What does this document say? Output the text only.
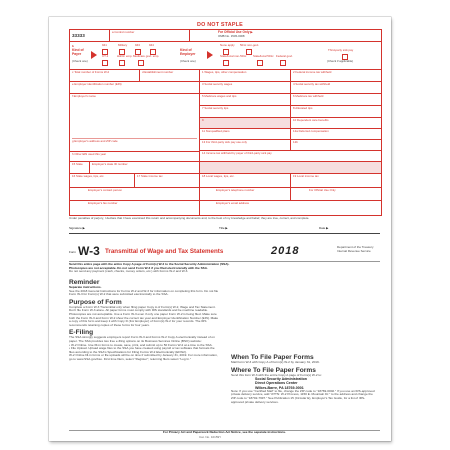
DO NOT STAPLE
33333
a Control number	For Official Use Only ▶
OMB No. 1545-0008
b
Kind of Payer
(Check one)
941	Military	943	944
CT-1	Hshld. emp. Medicare govt. emp.
Kind of Employer
(Check one)
None apply 501c non-govt.
State/local non-501c State/local 501c Federal govt.
Third-party sick pay
(Check if applicable)
c Total number of Forms W-2	d Establishment number
e Employer identification number (EIN)
f Employer's name
g Employer's address and ZIP code
h Other EIN used this year
15 State	Employer's state ID number
16 State wages, tips, etc.	17 State income tax
Employer's contact person
Employer's fax number
1 Wages, tips, other compensation	2 Federal income tax withheld
3 Social security wages	4 Social security tax withheld
5 Medicare wages and tips	6 Medicare tax withheld
7 Social security tips	8 Allocated tips
9	10 Dependent care benefits
11 Nonqualified plans	12a Deferred compensation
13 For third-party sick pay use only	12b
14 Income tax withheld by payer of third-party sick pay
18 Local wages, tips, etc.	19 Local income tax
Employer's telephone number	For Official Use Only
Employer's email address
Under penalties of perjury, I declare that I have examined this return and accompanying documents and, to the best of my knowledge and belief, they are true, correct, and complete.
Signature ▶	Title ▶	Date ▶
Form W-3 Transmittal of Wage and Tax Statements	2018	Department of the Treasury
Internal Revenue Service
Send this entire page with the entire Copy A page of Form(s) W-2 to the Social Security Administration (SSA).
Photocopies are not acceptable. Do not send Form W-3 if you filed electronically with the SSA.
Do not send any payment (cash, checks, money orders, etc.) with Forms W-2 and W-3.
Reminder
Separate instructions.
See the 2018 General Instructions for Forms W-2 and W-3 for information on completing this form. Do not file Form W-3 for Form(s) W-2 that were submitted electronically to the SSA.
Purpose of Form
Complete a Form W-3 Transmittal only when filing paper Copy A of Form(s) W-2, Wage and Tax Statement. Don't file Form W-3 alone. All paper forms must comply with IRS standards and be machine readable. Photocopies are not acceptable. Use a Form W-3 even if only one paper Form W-2 is being filed. Make sure both the Form W-3 and Form W-2 show the correct tax year and Employer Identification Number (EIN). Make a copy of this form and keep it with Copy D (For Employer) of Form(s) W-2 for your records. The IRS recommends retaining copies of these forms for four years.
E-Filing
The SSA strongly suggests employers report Form W-3 and Forms W-2 Copy A electronically instead of on paper. The SSA provides two free e-filing options on its Business Services Online (BSO) website:
• W-2 Online. Use fill-in forms to create, save, print, and submit up to 50 Forms W-2 at a time to the SSA.
• File Upload. Upload wage files to the SSA you have created using payroll or tax software that formats the files according to the SSA's Specifications for Filing Forms W-2 Electronically (EFW2).
W-2 Online fill-in forms or file uploads will be on time if submitted by January 31, 2019. For more information, go to www.SSA.gov/bso. First time filers, select "Register"; returning filers select "Log In."	When To File Paper Forms
Mail Form W-3 with Copy A of Form(s) W-2 by January 31, 2019.
Where To File Paper Forms
Send this form W-3 with the entire Copy A page of Form(s) W-2 to:
Social Security Administration
Direct Operations Center
Wilkes-Barre, PA 18769-0001
Note: If you use "Certified Mail" to file, change the ZIP code to "18769-0002." If you use an IRS-approved private delivery service, add "ATTN: W-2 Process, 1150 E. Mountain Dr." to the address and change the ZIP code to "18702-7997." See Publication 15 (Circular E), Employer's Tax Guide, for a list of IRS-approved private delivery services.
For Privacy Act and Paperwork Reduction Act Notice, see the separate instructions.
Cat. No. 10159Y
